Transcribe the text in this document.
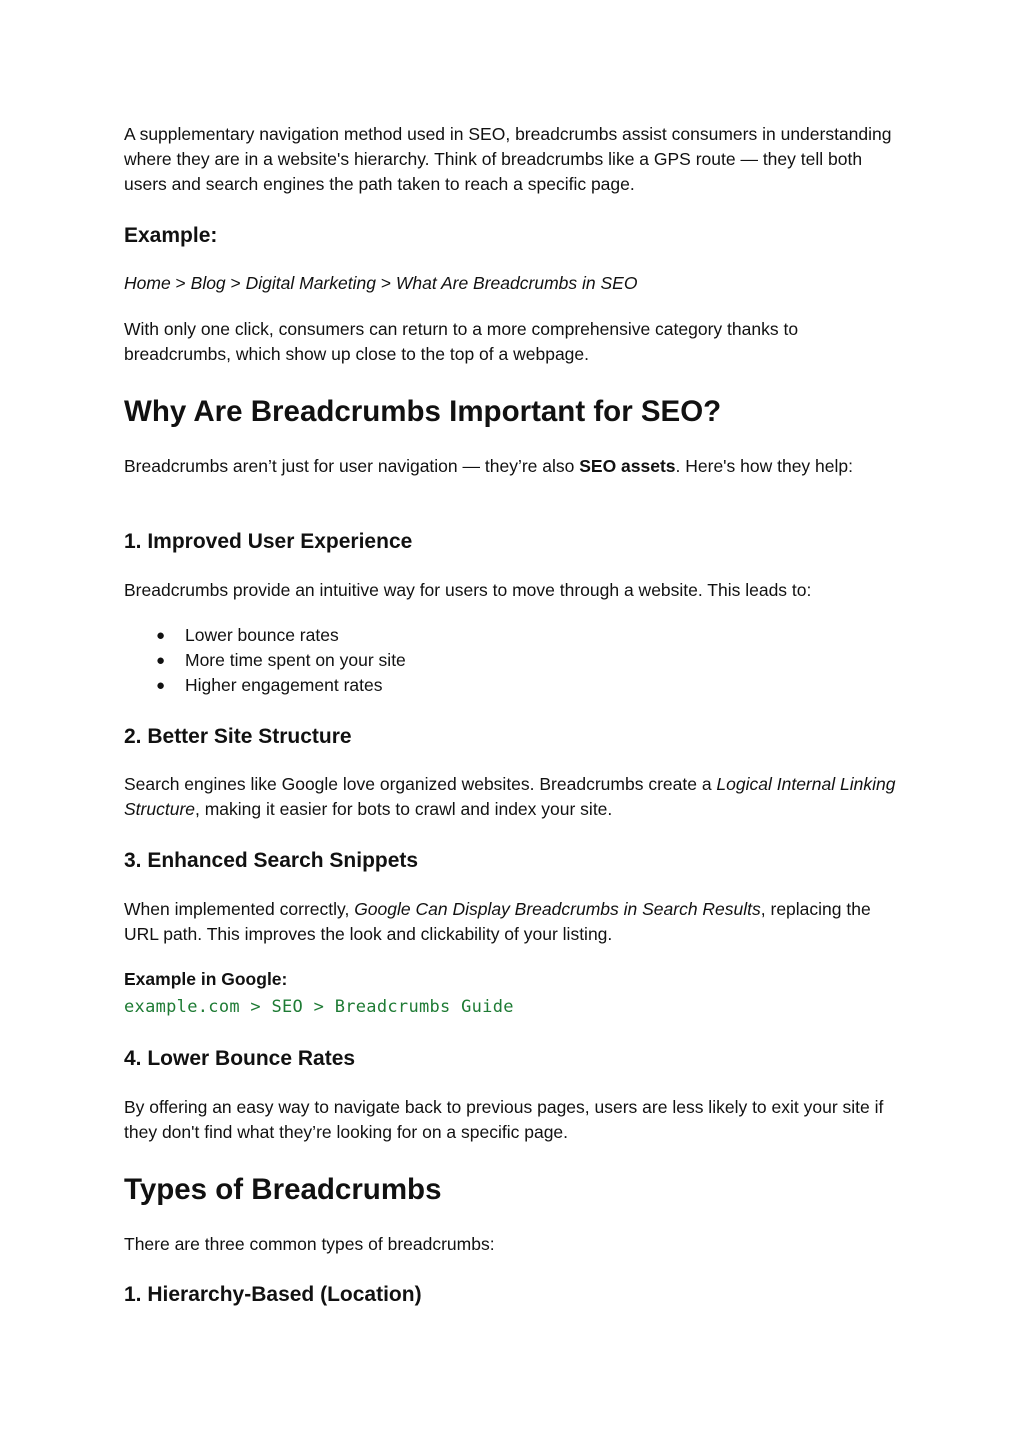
A supplementary navigation method used in SEO, breadcrumbs assist consumers in understanding where they are in a website's hierarchy. Think of breadcrumbs like a GPS route — they tell both users and search engines the path taken to reach a specific page.

Example:

Home > Blog > Digital Marketing > What Are Breadcrumbs in SEO

With only one click, consumers can return to a more comprehensive category thanks to breadcrumbs, which show up close to the top of a webpage.

Why Are Breadcrumbs Important for SEO?

Breadcrumbs aren’t just for user navigation — they’re also SEO assets. Here's how they help:

1. Improved User Experience

Breadcrumbs provide an intuitive way for users to move through a website. This leads to:

● Lower bounce rates
● More time spent on your site
● Higher engagement rates
2. Better Site Structure

Search engines like Google love organized websites. Breadcrumbs create a Logical Internal Linking Structure, making it easier for bots to crawl and index your site.

3. Enhanced Search Snippets

When implemented correctly, Google Can Display Breadcrumbs in Search Results, replacing the URL path. This improves the look and clickability of your listing.

Example in Google:

example.com > SEO > Breadcrumbs Guide

4. Lower Bounce Rates

By offering an easy way to navigate back to previous pages, users are less likely to exit your site if they don't find what they’re looking for on a specific page.

Types of Breadcrumbs

There are three common types of breadcrumbs:

1. Hierarchy-Based (Location)
